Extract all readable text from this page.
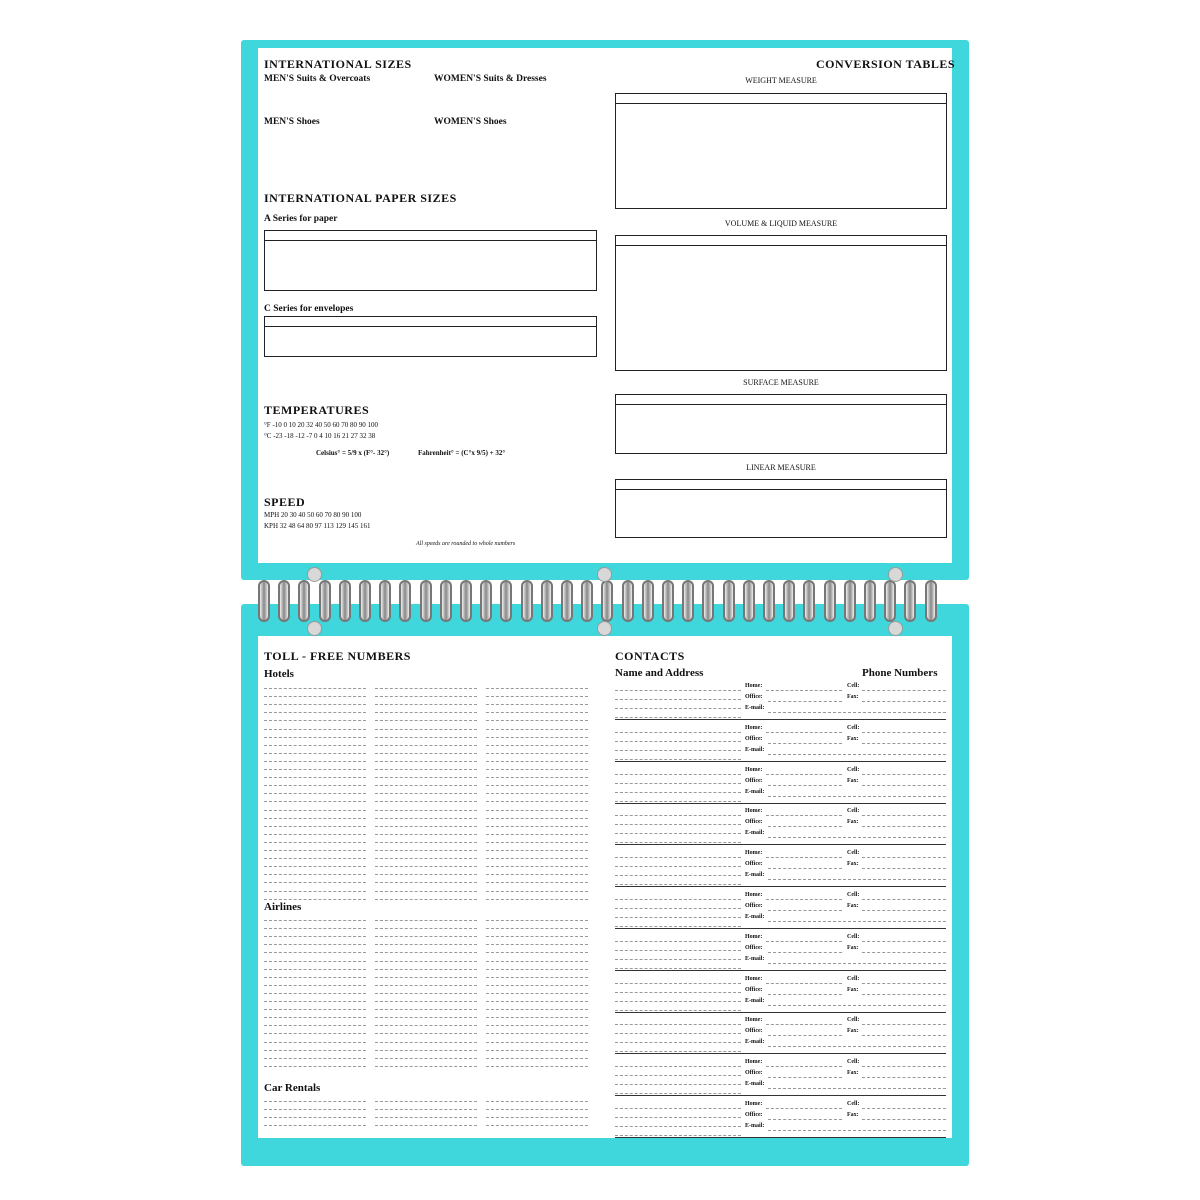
INTERNATIONAL SIZES
MEN'S Suits & Overcoats	WOMEN'S Suits & Dresses
MEN'S Shoes	WOMEN'S Shoes
INTERNATIONAL PAPER SIZES
A Series for paper
C Series for envelopes
TEMPERATURES
°F -10 0 10 20 32 40 50 60 70 80 90 100
°C -23 -18 -12 -7 0 4 10 16 21 27 32 38
Celsius° = 5/9 x (F°- 32°)	Fahrenheit° = (C°x 9/5) + 32°
SPEED
MPH 20 30 40 50 60 70 80 90 100
KPH 32 48 64 80 97 113 129 145 161
All speeds are rounded to whole numbers
CONVERSION TABLES
WEIGHT MEASURE
VOLUME & LIQUID MEASURE
SURFACE MEASURE
LINEAR MEASURE
TOLL - FREE NUMBERS
Hotels
Airlines
Car Rentals
CONTACTS
Name and Address	Phone Numbers
Home:	Cell:
Office:	Fax:
E-mail:
Home:	Cell:
Office:	Fax:
E-mail:
Home:	Cell:
Office:	Fax:
E-mail:
Home:	Cell:
Office:	Fax:
E-mail:
Home:	Cell:
Office:	Fax:
E-mail:
Home:	Cell:
Office:	Fax:
E-mail:
Home:	Cell:
Office:	Fax:
E-mail:
Home:	Cell:
Office:	Fax:
E-mail:
Home:	Cell:
Office:	Fax:
E-mail:
Home:	Cell:
Office:	Fax:
E-mail:
Home:	Cell:
Office:	Fax:
E-mail:
